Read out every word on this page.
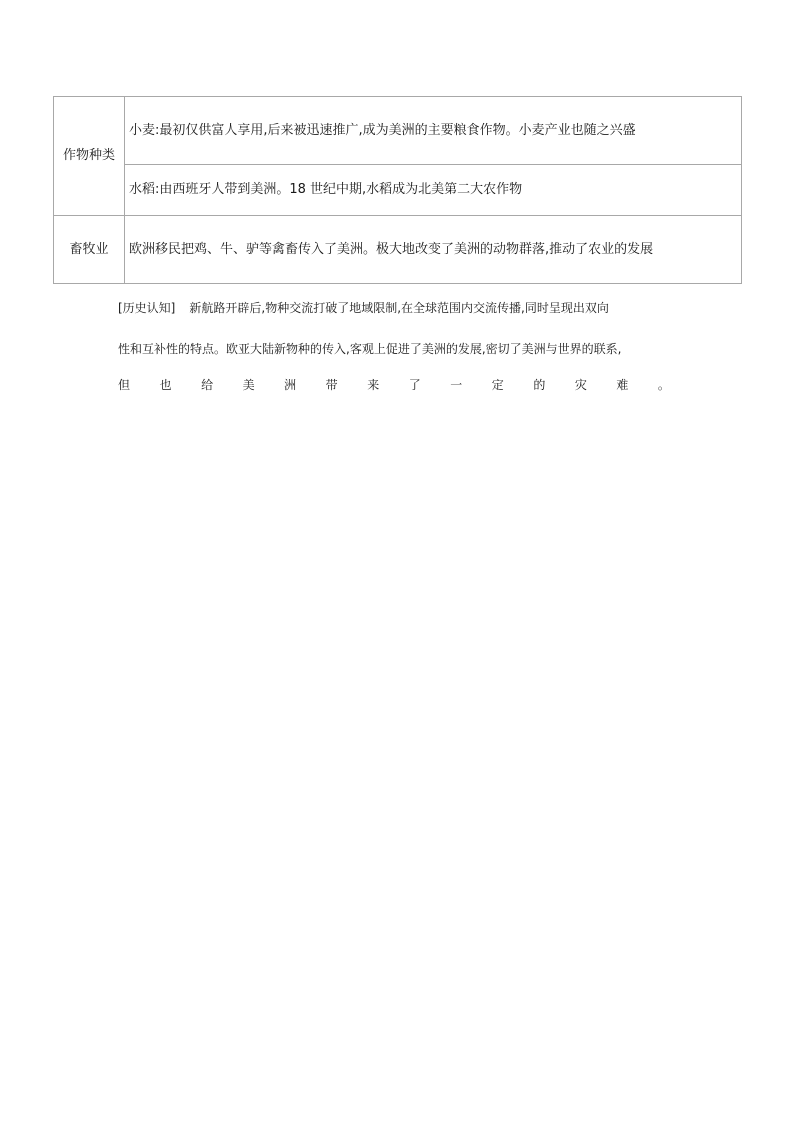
作物种类	小麦:最初仅供富人享用,后来被迅速推广,成为美洲的主要粮食作物。小麦产业也随之兴盛
	水稻:由西班牙人带到美洲。18 世纪中期,水稻成为北美第二大农作物
畜牧业	欧洲移民把鸡、牛、驴等禽畜传入了美洲。极大地改变了美洲的动物群落,推动了农业的发展
[历史认知] 新航路开辟后,物种交流打破了地域限制,在全球范围内交流传播,同时呈现出双向
性和互补性的特点。欧亚大陆新物种的传入,客观上促进了美洲的发展,密切了美洲与世界的联系,
但 也 给 美 洲 带 来 了 一 定 的 灾 难 。
